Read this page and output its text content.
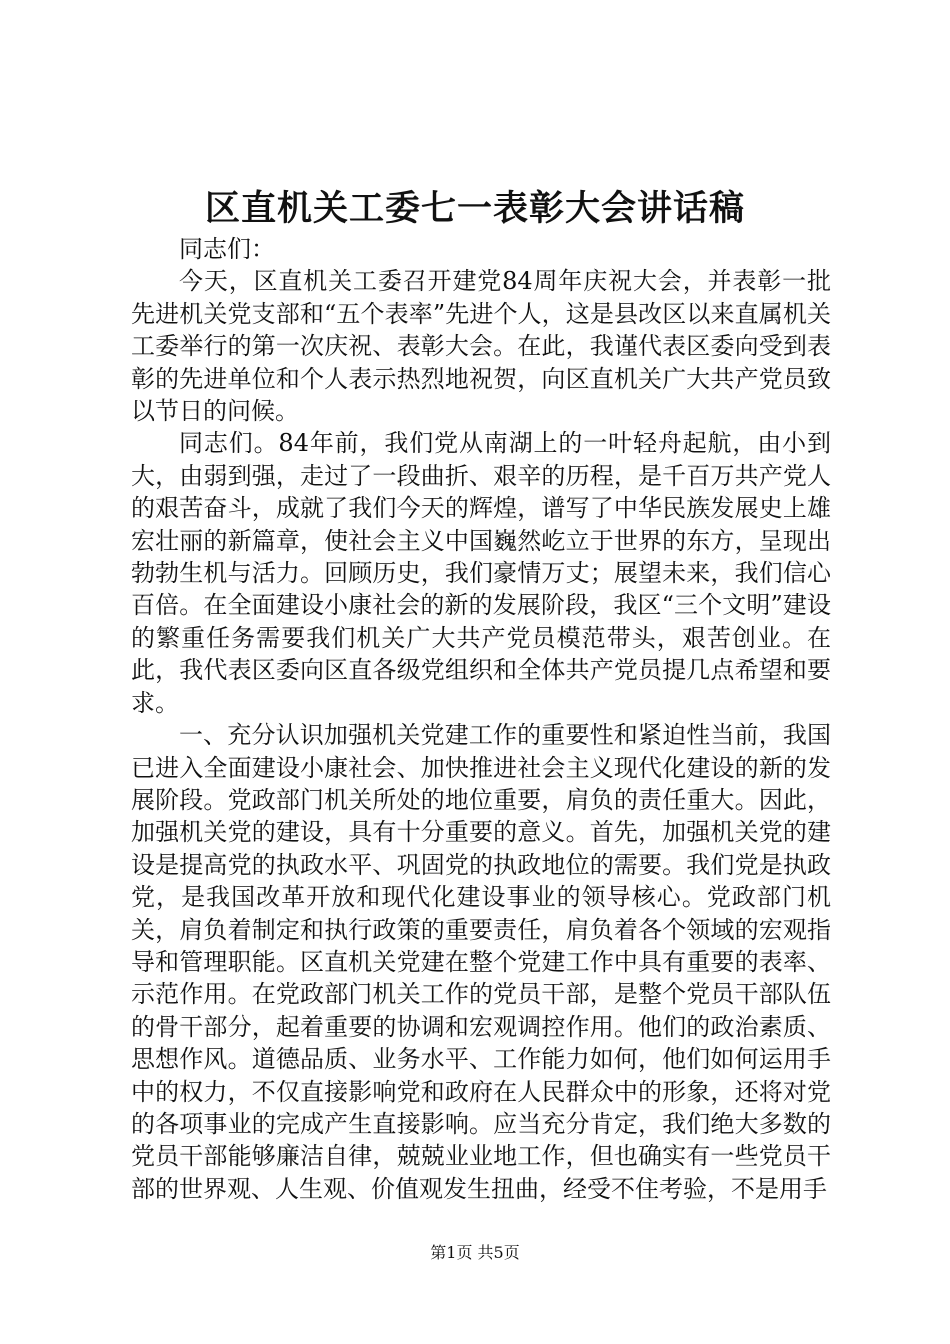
区直机关工委七一表彰大会讲话稿

同志们：

今天，区直机关工委召开建党84周年庆祝大会，并表彰一批先进机关党支部和“五个表率”先进个人，这是县改区以来直属机关工委举行的第一次庆祝、表彰大会。在此，我谨代表区委向受到表彰的先进单位和个人表示热烈地祝贺，向区直机关广大共产党员致以节日的问候。

同志们。84年前，我们党从南湖上的一叶轻舟起航，由小到大，由弱到强，走过了一段曲折、艰辛的历程，是千百万共产党人的艰苦奋斗，成就了我们今天的辉煌，谱写了中华民族发展史上雄宏壮丽的新篇章，使社会主义中国巍然屹立于世界的东方，呈现出勃勃生机与活力。回顾历史，我们豪情万丈；展望未来，我们信心百倍。在全面建设小康社会的新的发展阶段，我区“三个文明”建设的繁重任务需要我们机关广大共产党员模范带头，艰苦创业。在此，我代表区委向区直各级党组织和全体共产党员提几点希望和要求。

一、充分认识加强机关党建工作的重要性和紧迫性当前，我国已进入全面建设小康社会、加快推进社会主义现代化建设的新的发展阶段。党政部门机关所处的地位重要，肩负的责任重大。因此，加强机关党的建设，具有十分重要的意义。首先，加强机关党的建设是提高党的执政水平、巩固党的执政地位的需要。我们党是执政党，是我国改革开放和现代化建设事业的领导核心。党政部门机关，肩负着制定和执行政策的重要责任，肩负着各个领域的宏观指导和管理职能。区直机关党建在整个党建工作中具有重要的表率、示范作用。在党政部门机关工作的党员干部，是整个党员干部队伍的骨干部分，起着重要的协调和宏观调控作用。他们的政治素质、思想作风。道德品质、业务水平、工作能力如何，他们如何运用手中的权力，不仅直接影响党和政府在人民群众中的形象，还将对党的各项事业的完成产生直接影响。应当充分肯定，我们绝大多数的党员干部能够廉洁自律，兢兢业业地工作，但也确实有一些党员干部的世界观、人生观、价值观发生扭曲，经受不住考验，不是用手

第1页 共5页
